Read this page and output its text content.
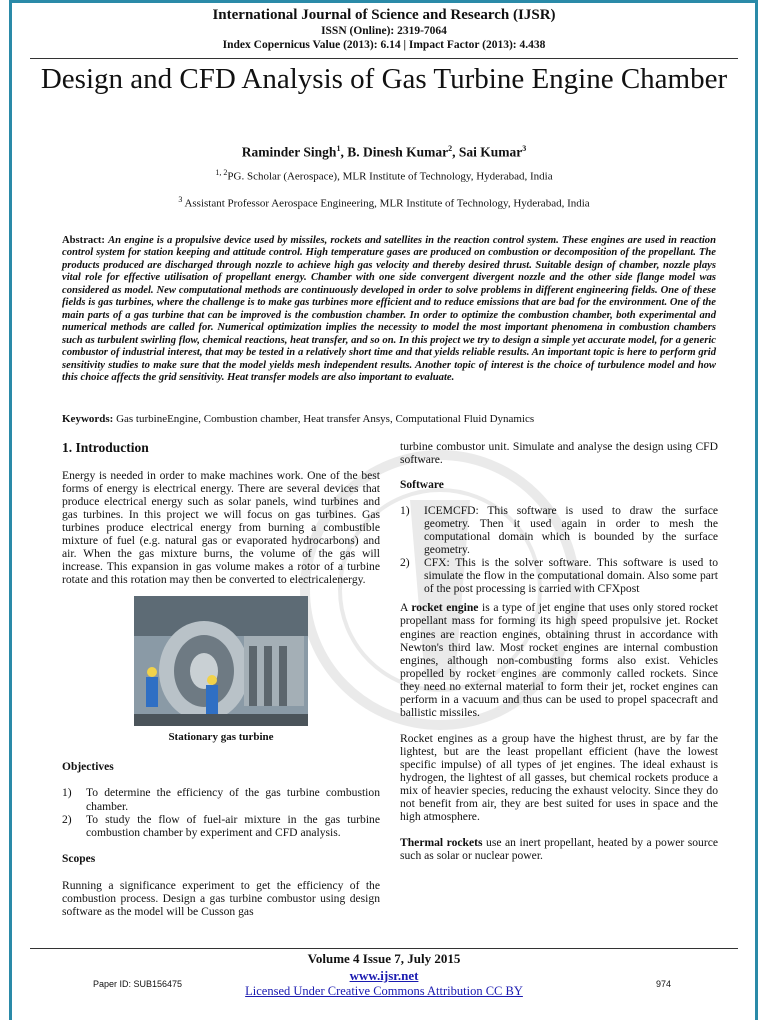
International Journal of Science and Research (IJSR)
ISSN (Online): 2319-7064
Index Copernicus Value (2013): 6.14 | Impact Factor (2013): 4.438
Design and CFD Analysis of Gas Turbine Engine Chamber
Raminder Singh$^1$, B. Dinesh Kumar$^2$, Sai Kumar$^3$
$^{1, 2}$PG. Scholar (Aerospace), MLR Institute of Technology, Hyderabad, India
$^3$ Assistant Professor Aerospace Engineering, MLR Institute of Technology, Hyderabad, India
Abstract: An engine is a propulsive device used by missiles, rockets and satellites in the reaction control system. These engines are used in reaction control system for station keeping and attitude control. High temperature gases are produced on combustion or decomposition of the propellant. The products produced are discharged through nozzle to achieve high gas velocity and thereby desired thrust. Suitable design of chamber, nozzle plays vital role for effective utilisation of propellant energy. Chamber with one side convergent divergent nozzle and the other side flange model was considered as model. New computational methods are continuously developed in order to solve problems in different engineering fields. One of these fields is gas turbines, where the challenge is to make gas turbines more efficient and to reduce emissions that are bad for the environment. One of the main parts of a gas turbine that can be improved is the combustion chamber. In order to optimize the combustion chamber, both experimental and numerical methods are called for. Numerical optimization implies the necessity to model the most important phenomena in combustion chambers such as turbulent swirling flow, chemical reactions, heat transfer, and so on. In this project we try to design a simple yet accurate model, for a generic combustor of industrial interest, that may be tested in a relatively short time and that yields reliable results. An important topic is here to perform grid sensitivity studies to make sure that the model yields mesh independent results. Another topic of interest is the choice of turbulence model and how this choice affects the grid sensitivity. Heat transfer models are also important to evaluate.
Keywords: Gas turbineEngine, Combustion chamber, Heat transfer Ansys, Computational Fluid Dynamics
1. Introduction

Energy is needed in order to make machines work. One of the best forms of energy is electrical energy. There are several devices that produce electrical energy such as solar panels, wind turbines and gas turbines. In this project we will focus on gas turbines. Gas turbines produce electrical energy from burning a combustible mixture of fuel (e.g. natural gas or evaporated hydrocarbons) and air. When the gas mixture burns, the volume of the gas will increase. This expansion in gas volume makes a rotor of a turbine rotate and this rotation may then be converted to electricalenergy.

Stationary gas turbine
Objectives
1) To determine the efficiency of the gas turbine combustion chamber.
2) To study the flow of fuel-air mixture in the gas turbine combustion chamber by experiment and CFD analysis.
Scopes

Running a significance experiment to get the efficiency of the combustion process. Design a gas turbine combustor using design software as the model will be Cusson gas

turbine combustor unit. Simulate and analyse the design using CFD software.

Software
1) ICEMCFD: This software is used to draw the surface geometry. Then it used again in order to mesh the computational domain which is bounded by the surface geometry.
2) CFX: This is the solver software. This software is used to simulate the flow in the computational domain. Also some part of the post processing is carried with CFXpost

A rocket engine is a type of jet engine that uses only stored rocket propellant mass for forming its high speed propulsive jet. Rocket engines are reaction engines, obtaining thrust in accordance with Newton's third law. Most rocket engines are internal combustion engines, although non-combusting forms also exist. Vehicles propelled by rocket engines are commonly called rockets. Since they need no external material to form their jet, rocket engines can perform in a vacuum and thus can be used to propel spacecraft and ballistic missiles.

Rocket engines as a group have the highest thrust, are by far the lightest, but are the least propellant efficient (have the lowest specific impulse) of all types of jet engines. The ideal exhaust is hydrogen, the lightest of all gasses, but chemical rockets produce a mix of heavier species, reducing the exhaust velocity. Since they do not benefit from air, they are best suited for uses in space and the high atmosphere.

Thermal rockets use an inert propellant, heated by a power source such as solar or nuclear power.

Volume 4 Issue 7, July 2015
www.ijsr.net
Licensed Under Creative Commons Attribution CC BY
Paper ID: SUB156475	974
